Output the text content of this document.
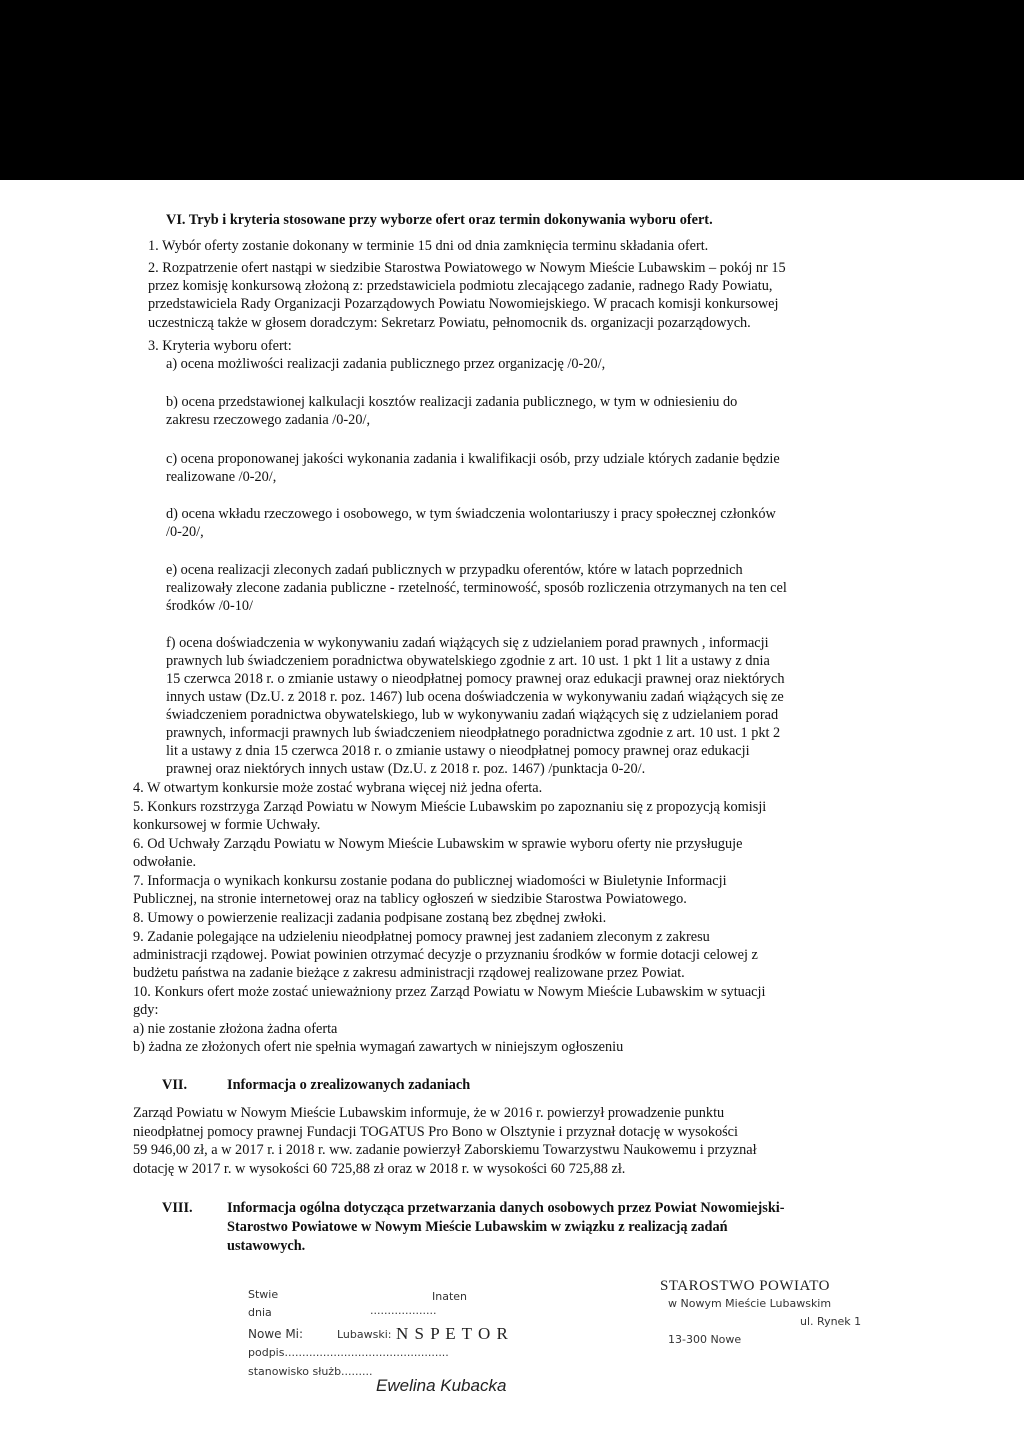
VI. Tryb i kryteria stosowane przy wyborze ofert oraz termin dokonywania wyboru ofert.
1. Wybór oferty zostanie dokonany w terminie 15 dni od dnia zamknięcia terminu składania ofert.
2. Rozpatrzenie ofert nastąpi w siedzibie Starostwa Powiatowego w Nowym Mieście Lubawskim – pokój nr 15
przez komisję konkursową złożoną z: przedstawiciela podmiotu zlecającego zadanie, radnego Rady Powiatu,
przedstawiciela Rady Organizacji Pozarządowych Powiatu Nowomiejskiego. W pracach komisji konkursowej
uczestniczą także w głosem doradczym: Sekretarz Powiatu, pełnomocnik ds. organizacji pozarządowych.
3. Kryteria wyboru ofert:
a) ocena możliwości realizacji zadania publicznego przez organizację /0-20/,
b) ocena przedstawionej kalkulacji kosztów realizacji zadania publicznego, w tym w odniesieniu do
zakresu rzeczowego zadania /0-20/,
c) ocena proponowanej jakości wykonania zadania i kwalifikacji osób, przy udziale których zadanie będzie
realizowane /0-20/,
d) ocena wkładu rzeczowego i osobowego, w tym świadczenia wolontariuszy i pracy społecznej członków
/0-20/,
e) ocena realizacji zleconych zadań publicznych w przypadku oferentów, które w latach poprzednich
realizowały zlecone zadania publiczne - rzetelność, terminowość, sposób rozliczenia otrzymanych na ten cel
środków /0-10/
f) ocena doświadczenia w wykonywaniu zadań wiążących się z udzielaniem porad prawnych , informacji
prawnych lub świadczeniem poradnictwa obywatelskiego zgodnie z art. 10 ust. 1 pkt 1 lit a ustawy z dnia
15 czerwca 2018 r. o zmianie ustawy o nieodpłatnej pomocy prawnej oraz edukacji prawnej oraz niektórych
innych ustaw (Dz.U. z 2018 r. poz. 1467) lub ocena doświadczenia w wykonywaniu zadań wiążących się ze
świadczeniem poradnictwa obywatelskiego, lub w wykonywaniu zadań wiążących się z udzielaniem porad
prawnych, informacji prawnych lub świadczeniem nieodpłatnego poradnictwa zgodnie z art. 10 ust. 1 pkt 2
lit a ustawy z dnia 15 czerwca 2018 r. o zmianie ustawy o nieodpłatnej pomocy prawnej oraz edukacji
prawnej oraz niektórych innych ustaw (Dz.U. z 2018 r. poz. 1467) /punktacja 0-20/.
4. W otwartym konkursie może zostać wybrana więcej niż jedna oferta.
5. Konkurs rozstrzyga Zarząd Powiatu w Nowym Mieście Lubawskim po zapoznaniu się z propozycją komisji
konkursowej w formie Uchwały.
6. Od Uchwały Zarządu Powiatu w Nowym Mieście Lubawskim w sprawie wyboru oferty nie przysługuje
odwołanie.
7. Informacja o wynikach konkursu zostanie podana do publicznej wiadomości w Biuletynie Informacji
Publicznej, na stronie internetowej oraz na tablicy ogłoszeń w siedzibie Starostwa Powiatowego.
8. Umowy o powierzenie realizacji zadania podpisane zostaną bez zbędnej zwłoki.
9. Zadanie polegające na udzieleniu nieodpłatnej pomocy prawnej jest zadaniem zleconym z zakresu
administracji rządowej. Powiat powinien otrzymać decyzje o przyznaniu środków w formie dotacji celowej z
budżetu państwa na zadanie bieżące z zakresu administracji rządowej realizowane przez Powiat.
10. Konkurs ofert może zostać unieważniony przez Zarząd Powiatu w Nowym Mieście Lubawskim w sytuacji
gdy:
a) nie zostanie złożona żadna oferta
b) żadna ze złożonych ofert nie spełnia wymagań zawartych w niniejszym ogłoszeniu
VII.	Informacja o zrealizowanych zadaniach
Zarząd Powiatu w Nowym Mieście Lubawskim informuje, że w 2016 r. powierzył prowadzenie punktu
nieodpłatnej pomocy prawnej Fundacji TOGATUS Pro Bono w Olsztynie i przyznał dotację w wysokości
59 946,00 zł, a w 2017 r. i 2018 r. ww. zadanie powierzył Zaborskiemu Towarzystwu Naukowemu i przyznał
dotację w 2017 r. w wysokości 60 725,88 zł oraz w 2018 r. w wysokości 60 725,88 zł.
VIII. Informacja ogólna dotycząca przetwarzania danych osobowych przez Powiat Nowomiejski-
Starostwo Powiatowe w Nowym Mieście Lubawskim w związku z realizacją zadań
ustawowych.
Stwie	Inaten
dnia	...................
Nowe Mi:	Lubawski: N S P E T O R
podpis...............................................
stanowisko służb.........
Ewelina Kubacka
STAROSTWO POWIATO
w Nowym Mieście Lubawskim
ul. Rynek 1
13-300 Nowe
